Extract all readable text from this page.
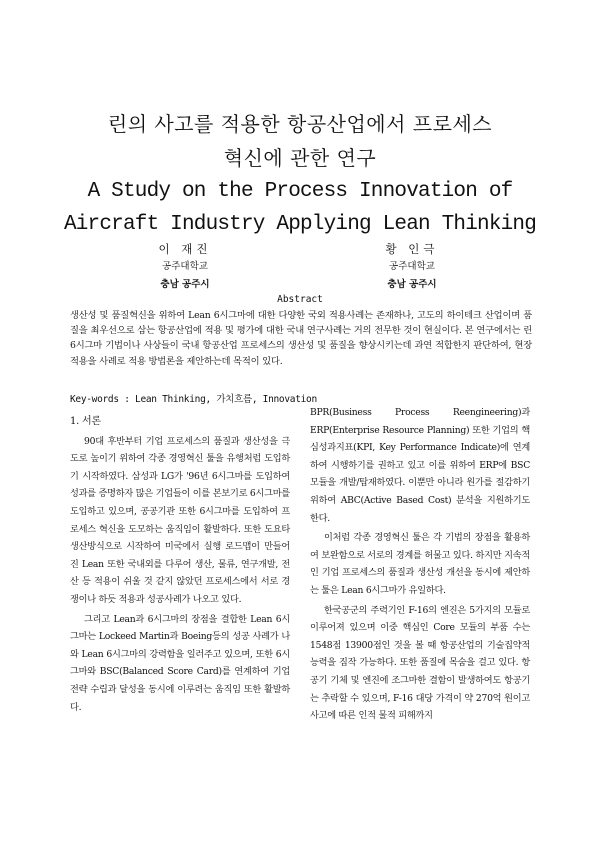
린의 사고를 적용한 항공산업에서 프로세스
혁신에 관한 연구
A Study on the Process Innovation of
Aircraft Industry Applying Lean Thinking
이 재진
공주대학교
충남 공주시
황 인극
공주대학교
충남 공주시
Abstract
생산성 및 품질혁신을 위하여 Lean 6시그마에 대한 다양한 국외 적용사례는 존재하나, 고도의 하이테크 산업이며 품질을 최우선으로 삼는 항공산업에 적용 및 평가에 대한 국내 연구사례는 거의 전무한 것이 현실이다. 본 연구에서는 린 6시그마 기법이나 사상들이 국내 항공산업 프로세스의 생산성 및 품질을 향상시키는데 과연 적합한지 판단하여, 현장적용을 사례로 적용 방법론을 제안하는데 목적이 있다.
Key-words : Lean Thinking, 가치흐름, Innovation

1. 서론

90대 후반부터 기업 프로세스의 품질과 생산성을 극도로 높이기 위하여 각종 경영혁신 툴을 유행처럼 도입하기 시작하였다. 삼성과 LG가 '96년 6시그마를 도입하여 성과를 증명하자 많은 기업들이 이를 본보기로 6시그마를 도입하고 있으며, 공공기관 또한 6시그마를 도입하여 프로세스 혁신을 도모하는 움직임이 활발하다. 또한 도요타 생산방식으로 시작하여 미국에서 실행 로드맵이 만들어진 Lean 또한 국내외를 다루어 생산, 물류, 연구개발, 전산 등 적용이 쉬울 것 같지 않았던 프로세스에서 서로 경쟁이나 하듯 적용과 성공사례가 나오고 있다.

그리고 Lean과 6시그마의 장점을 결합한 Lean 6시그마는 Lockeed Martin과 Boeing등의 성공 사례가 나와 Lean 6시그마의 강력함을 일러주고 있으며, 또한 6시그마와 BSC(Balanced Score Card)를 연계하여 기업전략 수립과 달성을 동시에 이루려는 움직임 또한 활발하다.

BPR(Business Process Reengineering)과 ERP(Enterprise Resource Planning) 또한 기업의 핵심성과지표(KPI, Key Performance Indicate)에 연계하여 시행하기를 권하고 있고 이를 위하여 ERP에 BSC 모듈을 개발/탑재하였다. 이뿐만 아니라 원가를 절감하기 위하여 ABC(Active Based Cost) 분석을 지원하기도 한다.

이처럼 각종 경영혁신 툴은 각 기법의 장점을 활용하여 보완함으로 서로의 경계를 허물고 있다. 하지만 지속적인 기업 프로세스의 품질과 생산성 개선을 동시에 제안하는 툴은 Lean 6시그마가 유일하다.

한국공군의 주력기인 F-16의 엔진은 5가지의 모듈로 이루어져 있으며 이중 핵심인 Core 모듈의 부품 수는 1548점 13900점인 것을 볼 때 항공산업의 기술집약적 능력을 짐작 가능하다. 또한 품질에 목숨을 걸고 있다. 항공기 기체 및 엔진에 조그마한 결함이 발생하여도 항공기는 추락할 수 있으며, F-16 대당 가격이 약 270억 원이고 사고에 따른 인적 물적 피해까지
